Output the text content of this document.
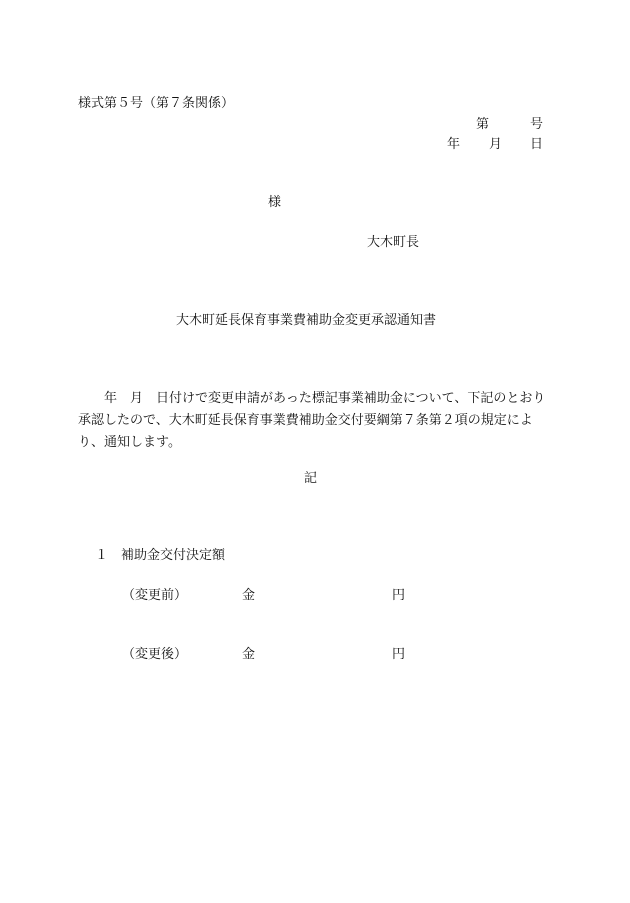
様式第５号（第７条関係）
第	号
年 月 日
様
大木町長
大木町延長保育事業費補助金変更承認通知書
年　月　日付けで変更申請があった標記事業補助金について、下記のとおり承認したので、大木町延長保育事業費補助金交付要綱第７条第２項の規定により、通知します。
記
１　補助金交付決定額
（変更前）	金	円
（変更後）	金	円
